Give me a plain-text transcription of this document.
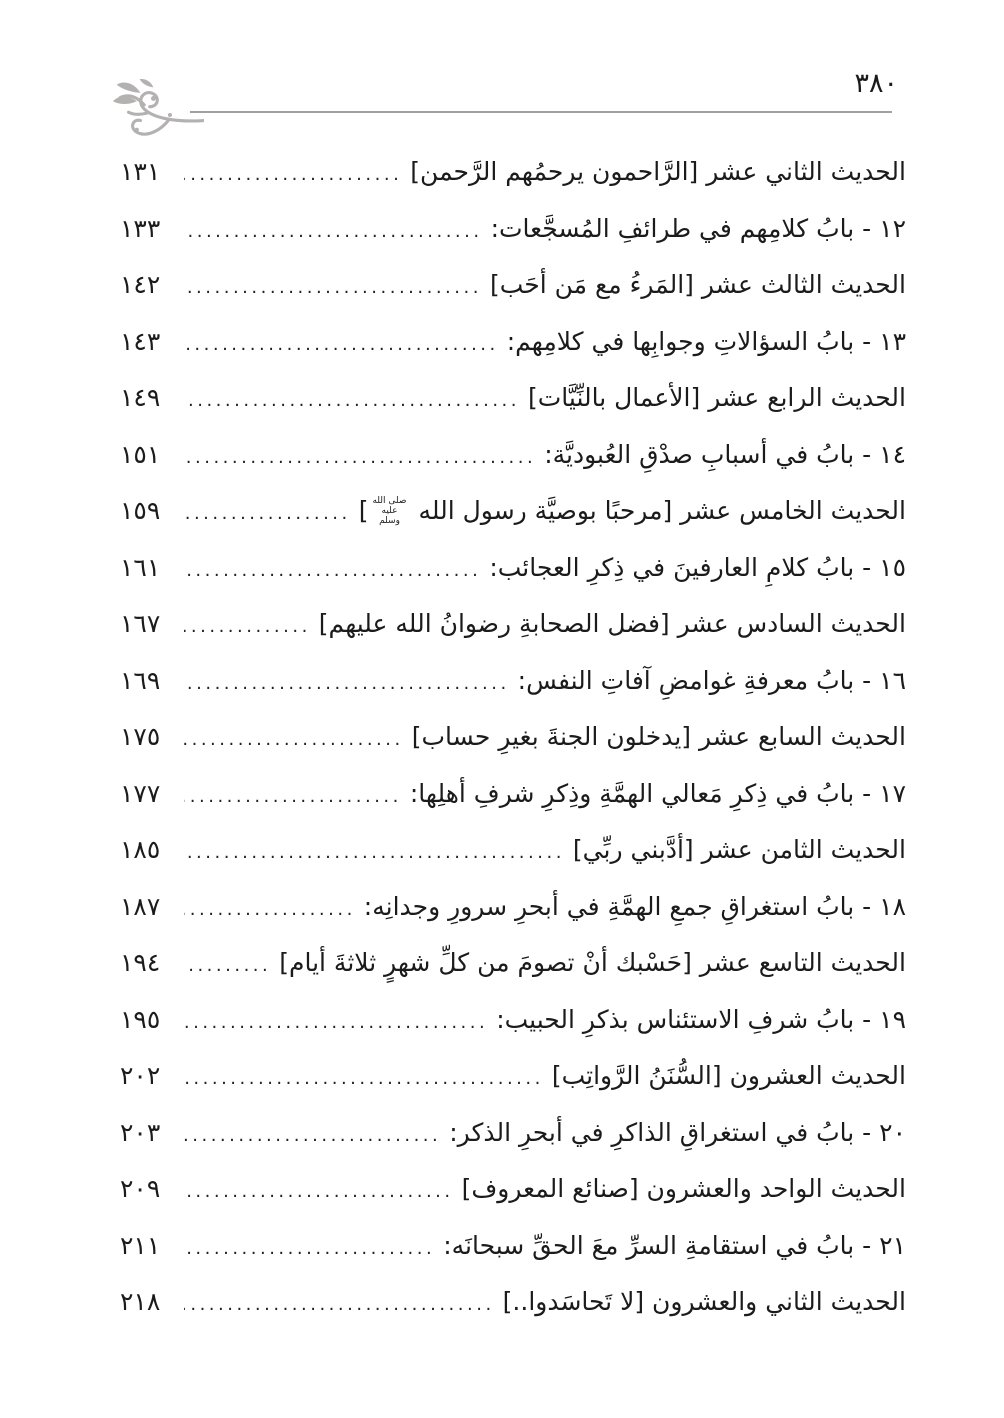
٣٨٠
الحديث الثاني عشر [الرَّاحمون يرحمُهم الرَّحمن]
.....
١٣١
١٢ - بابُ كلامِهم في طرائفِ المُسجَّعات:
.....
١٣٣
الحديث الثالث عشر [المَرءُ مع مَن أحَب]
.....
١٤٢
١٣ - بابُ السؤالاتِ وجوابِها في كلامِهم:
.....
١٤٣
الحديث الرابع عشر [الأعمال بالنِّيَّات]
.....
١٤٩
١٤ - بابُ في أسبابِ صدْقِ العُبوديَّة:
.....
١٥١
الحديث الخامس عشر [مرحبًا بوصيَّة رسول الله صلى الله عليه وسلم]
.....
١٥٩
١٥ - بابُ كلامِ العارفينَ في ذِكرِ العجائب:
.....
١٦١
الحديث السادس عشر [فضل الصحابةِ رضوانُ الله عليهم]
.....
١٦٧
١٦ - بابُ معرفةِ غوامضِ آفاتِ النفس:
.....
١٦٩
الحديث السابع عشر [يدخلون الجنةَ بغيرِ حساب]
.....
١٧٥
١٧ - بابُ في ذِكرِ مَعالي الهمَّةِ وذِكرِ شرفِ أهلِها:
.....
١٧٧
الحديث الثامن عشر [أدَّبني ربِّي]
.....
١٨٥
١٨ - بابُ استغراقِ جمعِ الهمَّةِ في أبحرِ سرورِ وجدانِه:
.....
١٨٧
الحديث التاسع عشر [حَسْبك أنْ تصومَ من كلِّ شهرٍ ثلاثةَ أيام]
.....
١٩٤
١٩ - بابُ شرفِ الاستئناس بذكرِ الحبيب:
.....
١٩٥
الحديث العشرون [السُّنَنُ الرَّواتِب]
.....
٢٠٢
٢٠ - بابُ في استغراقِ الذاكرِ في أبحرِ الذكر:
.....
٢٠٣
الحديث الواحد والعشرون [صنائع المعروف]
.....
٢٠٩
٢١ - بابُ في استقامةِ السرِّ معَ الحقِّ سبحانَه:
.....
٢١١
الحديث الثاني والعشرون [لا تَحاسَدوا..]
.....
٢١٨
